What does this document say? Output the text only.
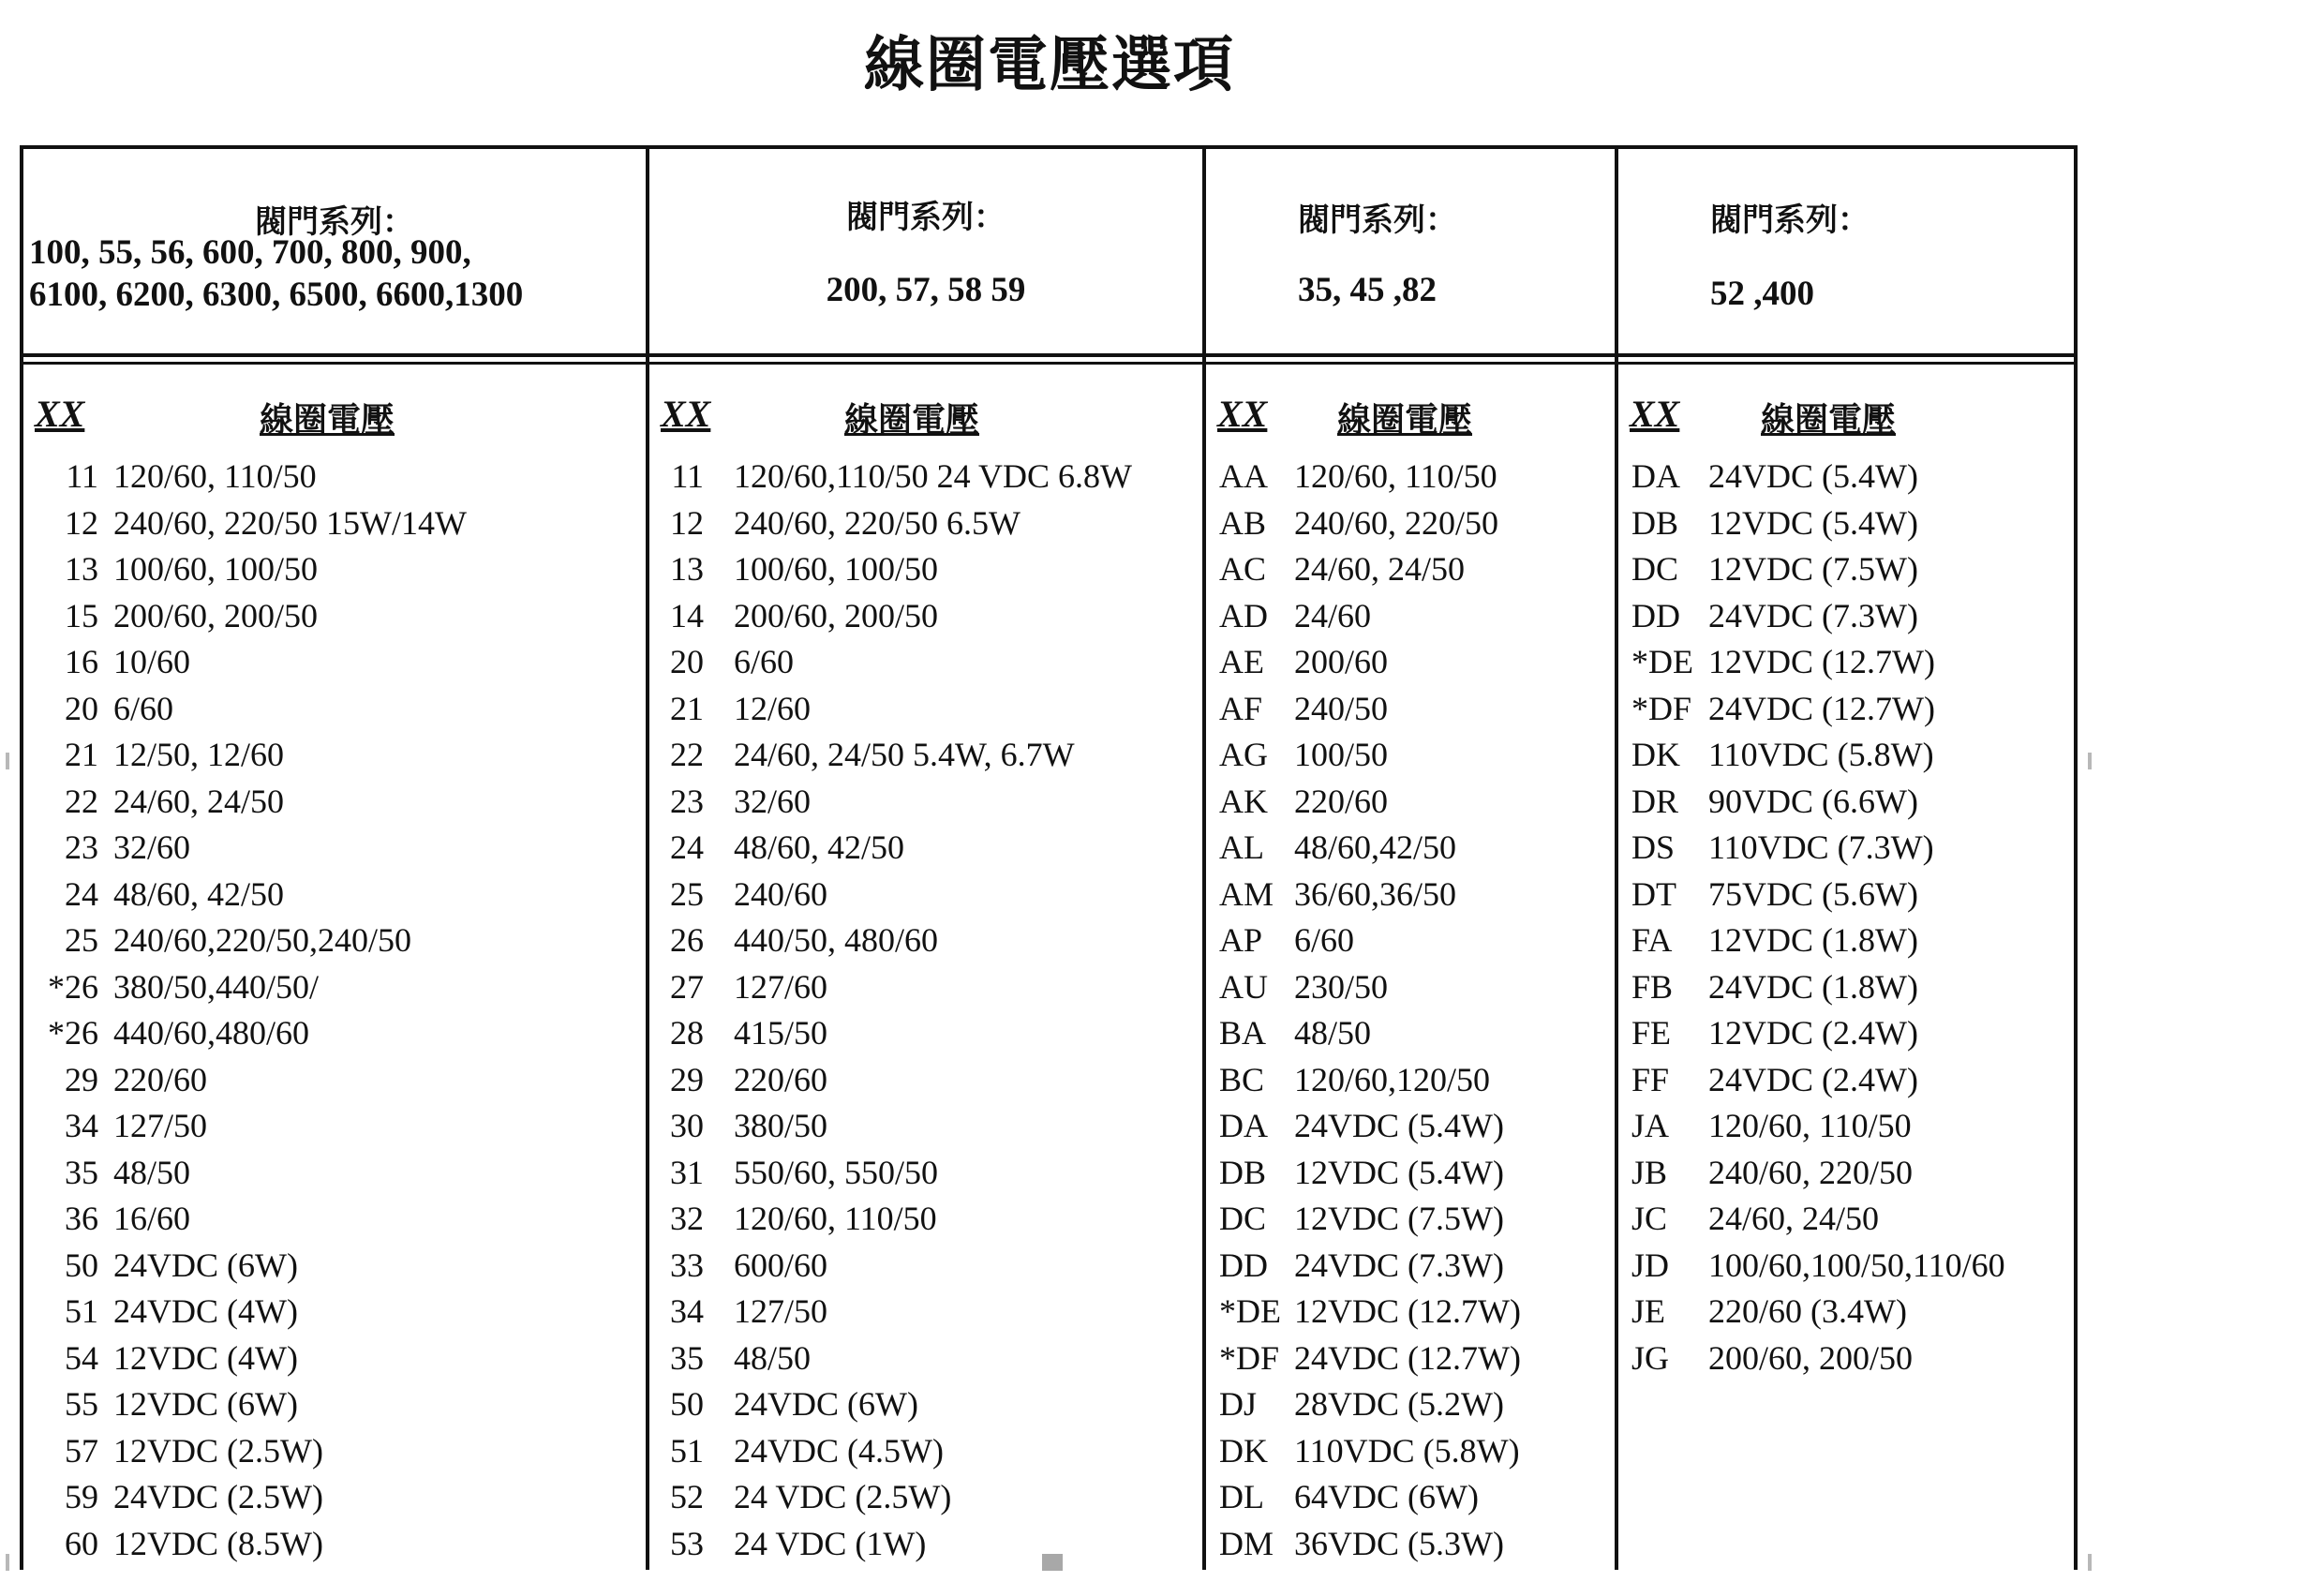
線圈電壓選項
閥門系列：
100, 55, 56, 600, 700, 800, 900,
6100, 6200, 6300, 6500, 6600,1300
XX	線圈電壓
11 120/60, 110/50
12 240/60, 220/50 15W/14W
13 100/60, 100/50
15 200/60, 200/50
16 10/60
20 6/60
21 12/50, 12/60
22 24/60, 24/50
23 32/60
24 48/60, 42/50
25 240/60,220/50,240/50
*26 380/50,440/50/
*26 440/60,480/60
29 220/60
34 127/50
35 48/50
36 16/60
50 24VDC (6W)
51 24VDC (4W)
54 12VDC (4W)
55 12VDC (6W)
57 12VDC (2.5W)
59 24VDC (2.5W)
60 12VDC (8.5W)
閥門系列：
200, 57, 58 59
XX	線圈電壓
11 120/60,110/50 24 VDC 6.8W
12 240/60, 220/50 6.5W
13 100/60, 100/50
14 200/60, 200/50
20 6/60
21 12/60
22 24/60, 24/50 5.4W, 6.7W
23 32/60
24 48/60, 42/50
25 240/60
26 440/50, 480/60
27 127/60
28 415/50
29 220/60
30 380/50
31 550/60, 550/50
32 120/60, 110/50
33 600/60
34 127/50
35 48/50
50 24VDC (6W)
51 24VDC (4.5W)
52 24 VDC (2.5W)
53 24 VDC (1W)
閥門系列：
35, 45 ,82
XX 線圈電壓
AA 120/60, 110/50
AB 240/60, 220/50
AC 24/60, 24/50
AD 24/60
AE 200/60
AF 240/50
AG 100/50
AK 220/60
AL 48/60,42/50
AM 36/60,36/50
AP 6/60
AU 230/50
BA 48/50
BC 120/60,120/50
DA 24VDC (5.4W)
DB 12VDC (5.4W)
DC 12VDC (7.5W)
DD 24VDC (7.3W)
*DE 12VDC (12.7W)
*DF 24VDC (12.7W)
DJ	28VDC (5.2W)
DK 110VDC (5.8W)
DL 64VDC (6W)
DM 36VDC (5.3W)
閥門系列：
52 ,400
XX 線圈電壓
DA 24VDC (5.4W)
DB 12VDC (5.4W)
DC 12VDC (7.5W)
DD 24VDC (7.3W)
*DE 12VDC (12.7W)
*DF 24VDC (12.7W)
DK 110VDC (5.8W)
DR 90VDC (6.6W)
DS 110VDC (7.3W)
DT 75VDC (5.6W)
FA	12VDC (1.8W)
FB	24VDC (1.8W)
FE	12VDC (2.4W)
FF	24VDC (2.4W)
JA	120/60, 110/50
JB	240/60, 220/50
JC	24/60, 24/50
JD	100/60,100/50,110/60
JE	220/60 (3.4W)
JG	200/60, 200/50
